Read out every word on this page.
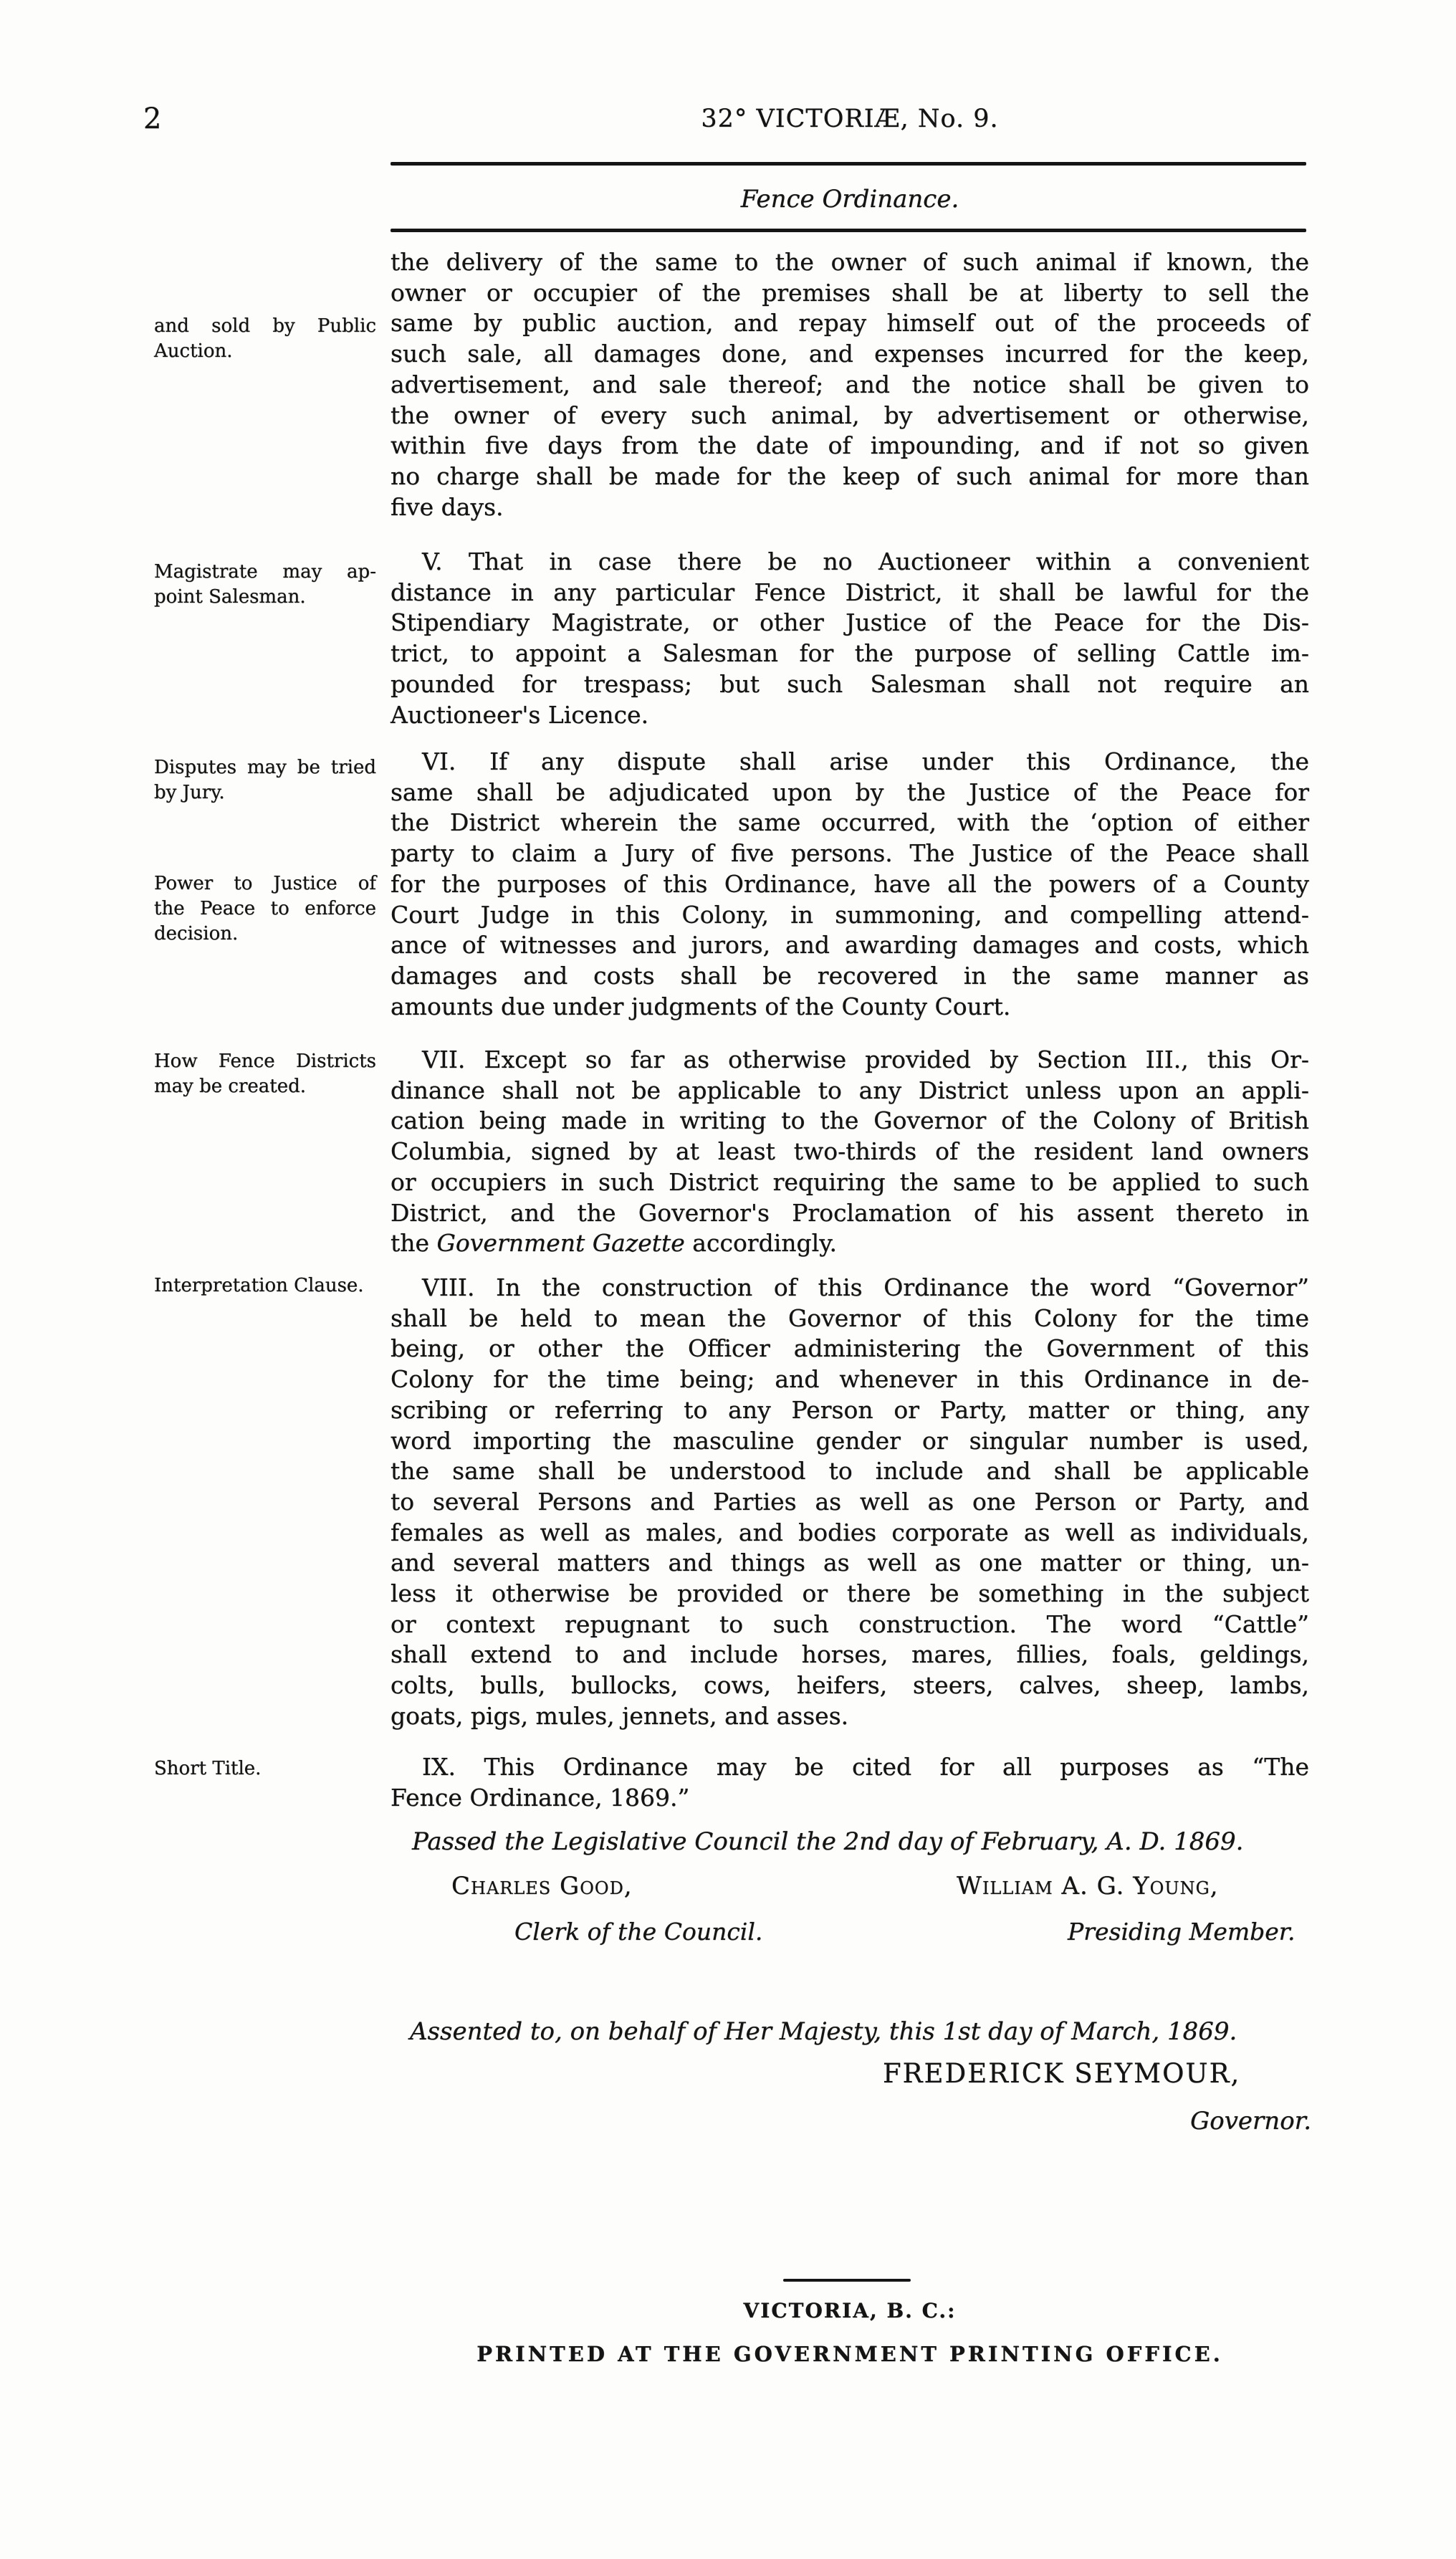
2	32° VICTORIÆ, No. 9.
Fence Ordinance.
and sold by Public
Auction.
Magistrate may ap-
point Salesman.
Disputes may be tried
by Jury.
Power to Justice of
the Peace to enforce
decision.
How Fence Districts
may be created.
Interpretation Clause.
Short Title.
the delivery of the same to the owner of such animal if known, the
owner or occupier of the premises shall be at liberty to sell the
same by public auction, and repay himself out of the proceeds of
such sale, all damages done, and expenses incurred for the keep,
advertisement, and sale thereof; and the notice shall be given to
the owner of every such animal, by advertisement or otherwise,
within five days from the date of impounding, and if not so given
no charge shall be made for the keep of such animal for more than
five days.
V. That in case there be no Auctioneer within a convenient
distance in any particular Fence District, it shall be lawful for the
Stipendiary Magistrate, or other Justice of the Peace for the Dis-
trict, to appoint a Salesman for the purpose of selling Cattle im-
pounded for trespass; but such Salesman shall not require an
Auctioneer's Licence.
VI. If any dispute shall arise under this Ordinance, the
same shall be adjudicated upon by the Justice of the Peace for
the District wherein the same occurred, with the ‘option of either
party to claim a Jury of five persons. The Justice of the Peace shall
for the purposes of this Ordinance, have all the powers of a County
Court Judge in this Colony, in summoning, and compelling attend-
ance of witnesses and jurors, and awarding damages and costs, which
damages and costs shall be recovered in the same manner as
amounts due under judgments of the County Court.
VII. Except so far as otherwise provided by Section III., this Or-
dinance shall not be applicable to any District unless upon an appli-
cation being made in writing to the Governor of the Colony of British
Columbia, signed by at least two-thirds of the resident land owners
or occupiers in such District requiring the same to be applied to such
District, and the Governor's Proclamation of his assent thereto in
the Government Gazette accordingly.
VIII. In the construction of this Ordinance the word “Governor”
shall be held to mean the Governor of this Colony for the time
being, or other the Officer administering the Government of this
Colony for the time being; and whenever in this Ordinance in de-
scribing or referring to any Person or Party, matter or thing, any
word importing the masculine gender or singular number is used,
the same shall be understood to include and shall be applicable
to several Persons and Parties as well as one Person or Party, and
females as well as males, and bodies corporate as well as individuals,
and several matters and things as well as one matter or thing, un-
less it otherwise be provided or there be something in the subject
or context repugnant to such construction. The word “Cattle”
shall extend to and include horses, mares, fillies, foals, geldings,
colts, bulls, bullocks, cows, heifers, steers, calves, sheep, lambs,
goats, pigs, mules, jennets, and asses.
IX. This Ordinance may be cited for all purposes as “The
Fence Ordinance, 1869.”
Passed the Legislative Council the 2nd day of February, A. D. 1869.
Charles Good,	William A. G. Young,
Clerk of the Council.	Presiding Member.
Assented to, on behalf of Her Majesty, this 1st day of March, 1869.
FREDERICK SEYMOUR,
Governor.
VICTORIA, B. C.:
PRINTED AT THE GOVERNMENT PRINTING OFFICE.
